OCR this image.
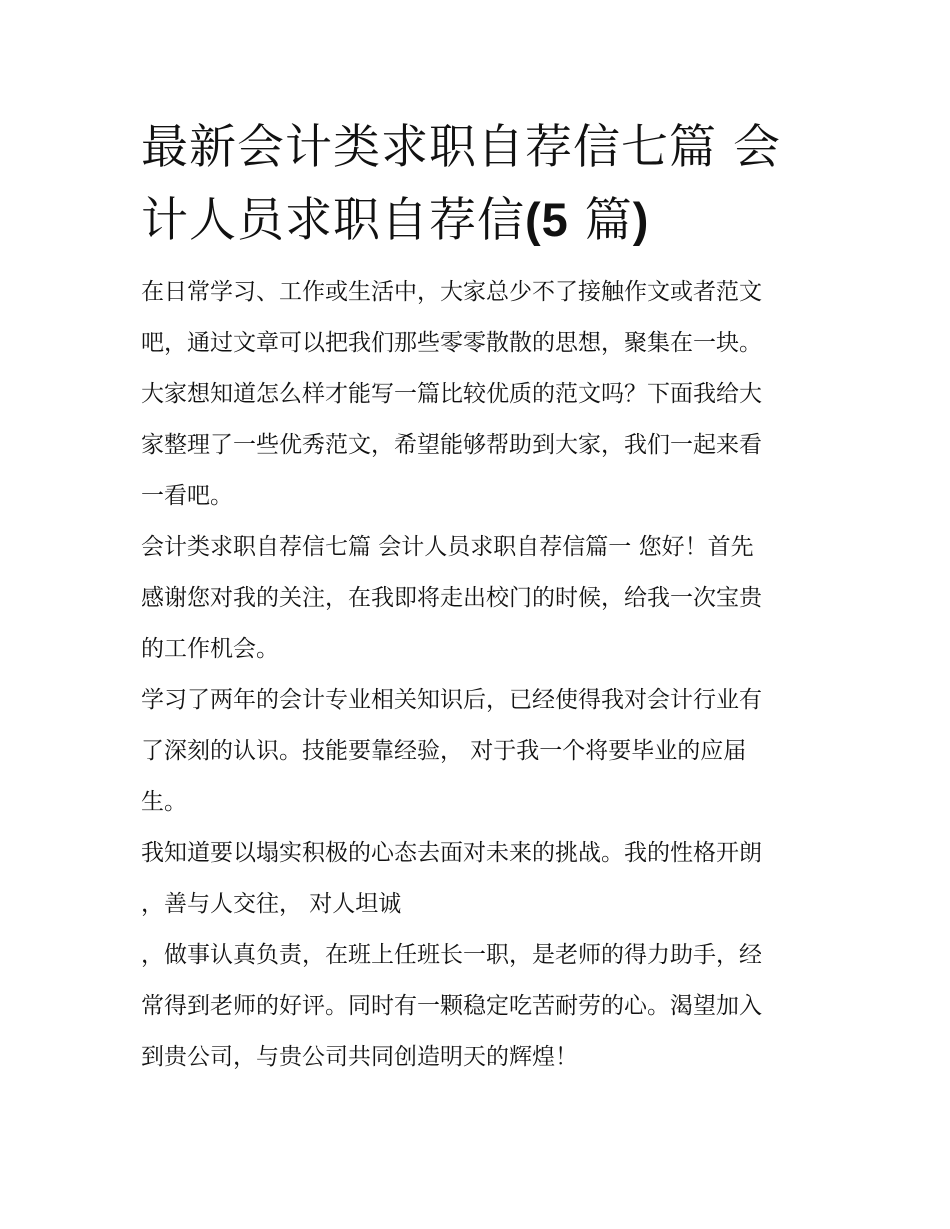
最新会计类求职自荐信七篇 会
计人员求职自荐信(5 篇)

在日常学习、工作或生活中，大家总少不了接触作文或者范文
吧，通过文章可以把我们那些零零散散的思想，聚集在一块。
大家想知道怎么样才能写一篇比较优质的范文吗？下面我给大
家整理了一些优秀范文，希望能够帮助到大家，我们一起来看
一看吧。

会计类求职自荐信七篇 会计人员求职自荐信篇一 您好！首先
感谢您对我的关注，在我即将走出校门的时候，给我一次宝贵
的工作机会。

学习了两年的会计专业相关知识后，已经使得我对会计行业有
了深刻的认识。技能要靠经验， 对于我一个将要毕业的应届
生。

我知道要以塌实积极的心态去面对未来的挑战。我的性格开朗
，善与人交往， 对人坦诚

，做事认真负责，在班上任班长一职，是老师的得力助手，经
常得到老师的好评。同时有一颗稳定吃苦耐劳的心。渴望加入
到贵公司，与贵公司共同创造明天的辉煌！
